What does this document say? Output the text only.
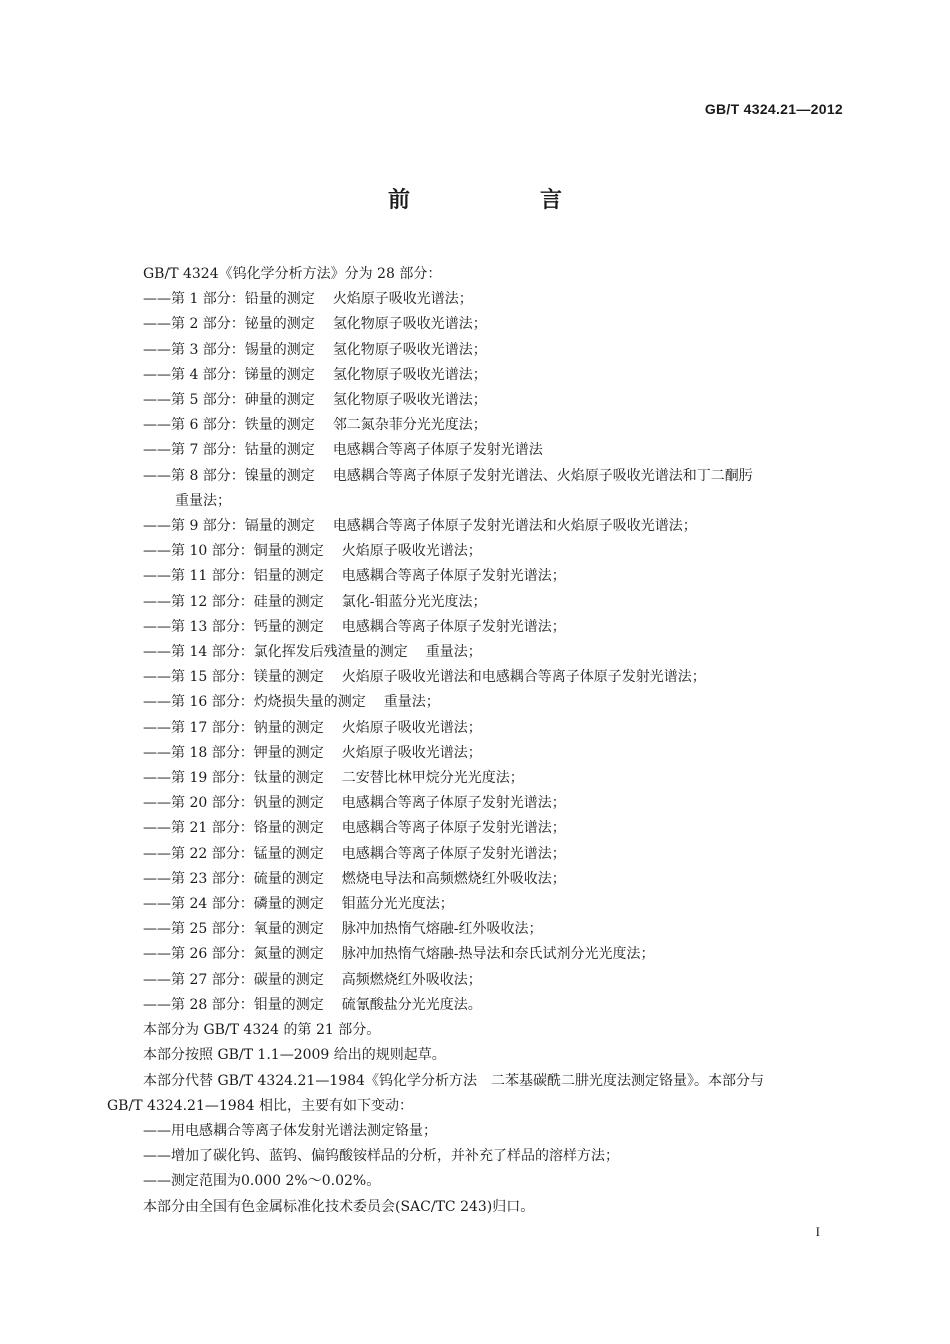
GB/T 4324.21—2012
前　言

GB/T 4324《钨化学分析方法》分为 28 部分：

——第 1 部分：铅量的测定 火焰原子吸收光谱法；

——第 2 部分：铋量的测定 氢化物原子吸收光谱法；

——第 3 部分：锡量的测定 氢化物原子吸收光谱法；

——第 4 部分：锑量的测定 氢化物原子吸收光谱法；

——第 5 部分：砷量的测定 氢化物原子吸收光谱法；

——第 6 部分：铁量的测定 邻二氮杂菲分光光度法；

——第 7 部分：钴量的测定 电感耦合等离子体原子发射光谱法

——第 8 部分：镍量的测定 电感耦合等离子体原子发射光谱法、火焰原子吸收光谱法和丁二酮肟

重量法；

——第 9 部分：镉量的测定 电感耦合等离子体原子发射光谱法和火焰原子吸收光谱法；

——第 10 部分：铜量的测定 火焰原子吸收光谱法；

——第 11 部分：铝量的测定 电感耦合等离子体原子发射光谱法；

——第 12 部分：硅量的测定 氯化-钼蓝分光光度法；

——第 13 部分：钙量的测定 电感耦合等离子体原子发射光谱法；

——第 14 部分：氯化挥发后残渣量的测定 重量法；

——第 15 部分：镁量的测定 火焰原子吸收光谱法和电感耦合等离子体原子发射光谱法；

——第 16 部分：灼烧损失量的测定 重量法；

——第 17 部分：钠量的测定 火焰原子吸收光谱法；

——第 18 部分：钾量的测定 火焰原子吸收光谱法；

——第 19 部分：钛量的测定 二安替比林甲烷分光光度法；

——第 20 部分：钒量的测定 电感耦合等离子体原子发射光谱法；

——第 21 部分：铬量的测定 电感耦合等离子体原子发射光谱法；

——第 22 部分：锰量的测定 电感耦合等离子体原子发射光谱法；

——第 23 部分：硫量的测定 燃烧电导法和高频燃烧红外吸收法；

——第 24 部分：磷量的测定 钼蓝分光光度法；

——第 25 部分：氧量的测定 脉冲加热惰气熔融-红外吸收法；

——第 26 部分：氮量的测定 脉冲加热惰气熔融-热导法和奈氏试剂分光光度法；

——第 27 部分：碳量的测定 高频燃烧红外吸收法；

——第 28 部分：钼量的测定 硫氰酸盐分光光度法。

本部分为 GB/T 4324 的第 21 部分。

本部分按照 GB/T 1.1—2009 给出的规则起草。

本部分代替 GB/T 4324.21—1984《钨化学分析方法　二苯基碳酰二肼光度法测定铬量》。本部分与

GB/T 4324.21—1984 相比，主要有如下变动：

——用电感耦合等离子体发射光谱法测定铬量；

——增加了碳化钨、蓝钨、偏钨酸铵样品的分析，并补充了样品的溶样方法；

——测定范围为0.000 2%～0.02%。

本部分由全国有色金属标准化技术委员会(SAC/TC 243)归口。

I
